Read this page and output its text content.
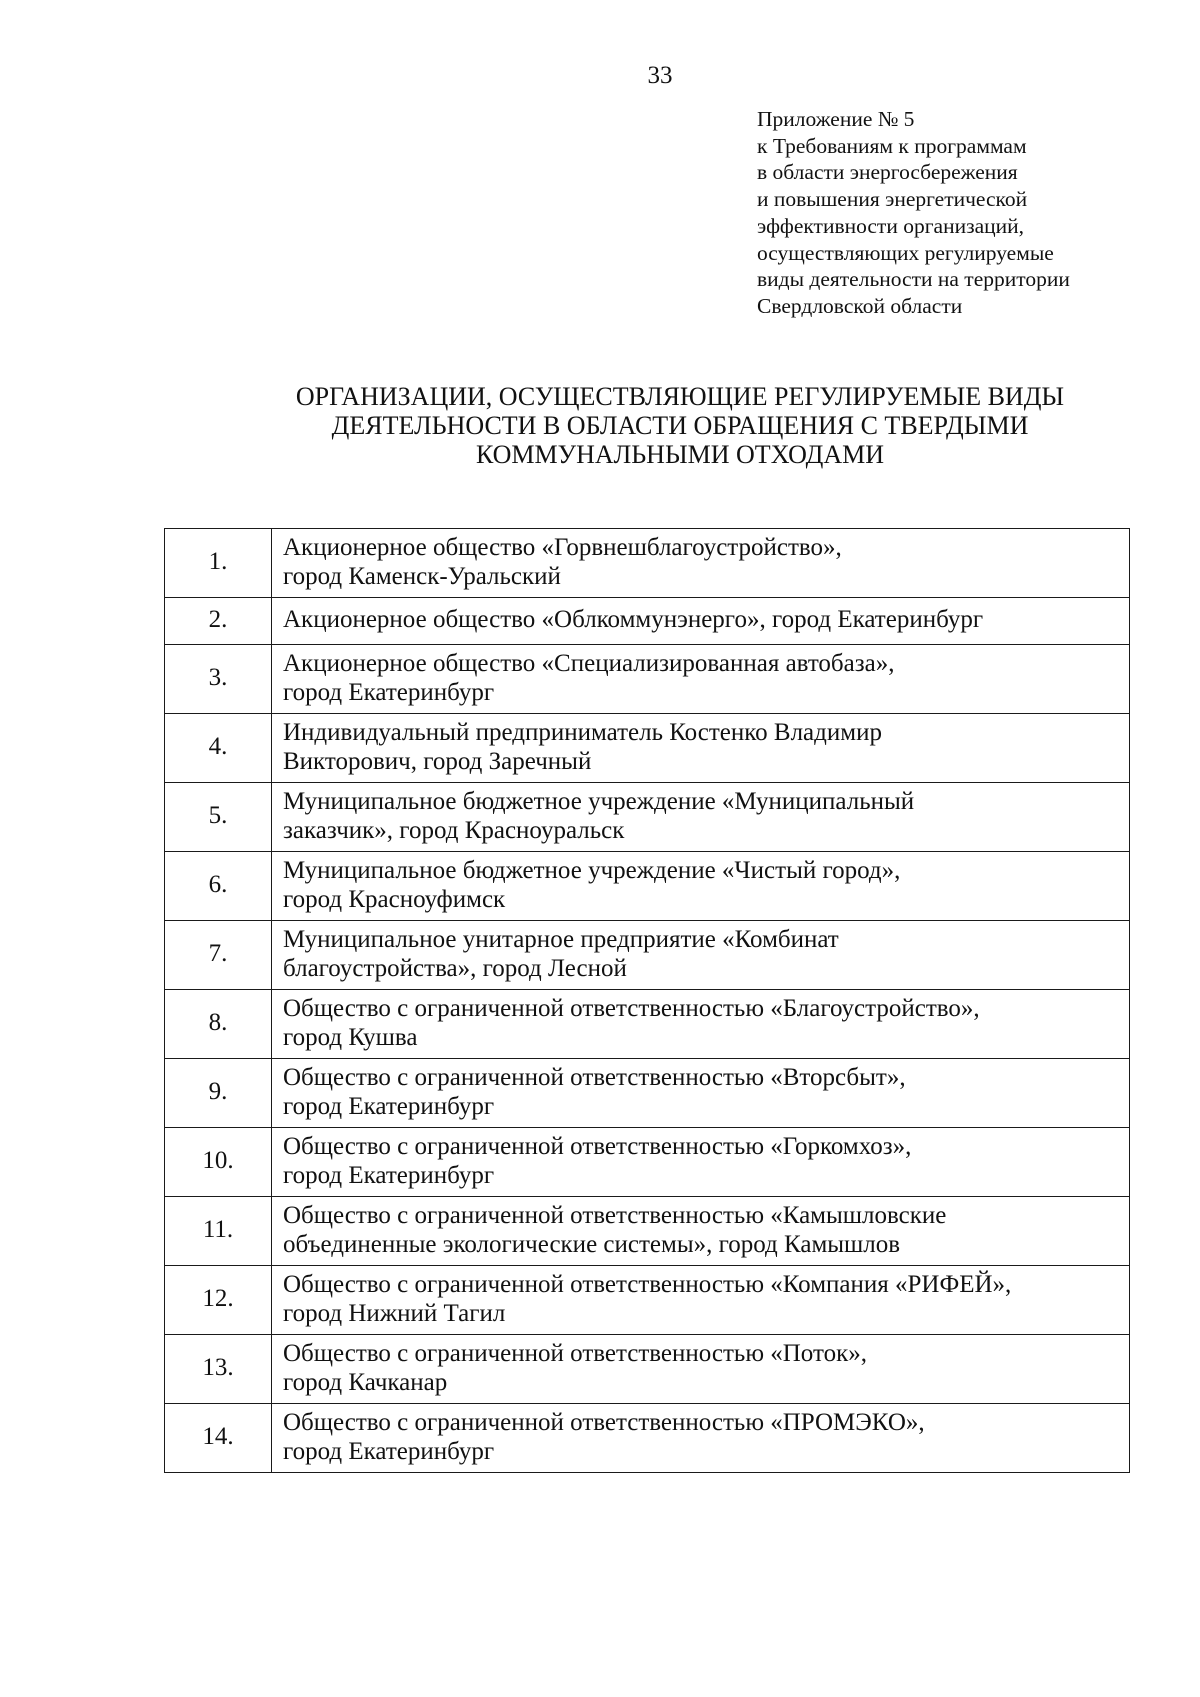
33
Приложение № 5
к Требованиям к программам
в области энергосбережения
и повышения энергетической
эффективности организаций,
осуществляющих регулируемые
виды деятельности на территории
Свердловской области
ОРГАНИЗАЦИИ, ОСУЩЕСТВЛЯЮЩИЕ РЕГУЛИРУЕМЫЕ ВИДЫ
ДЕЯТЕЛЬНОСТИ В ОБЛАСТИ ОБРАЩЕНИЯ С ТВЕРДЫМИ
КОММУНАЛЬНЫМИ ОТХОДАМИ
1.	Акционерное общество «Горвнешблагоустройство»,
город Каменск-Уральский

2.	Акционерное общество «Облкоммунэнерго», город Екатеринбург

3.	Акционерное общество «Специализированная автобаза»,
город Екатеринбург

4.	Индивидуальный предприниматель Костенко Владимир
Викторович, город Заречный

5.	Муниципальное бюджетное учреждение «Муниципальный
заказчик», город Красноуральск

6.	Муниципальное бюджетное учреждение «Чистый город»,
город Красноуфимск

7.	Муниципальное унитарное предприятие «Комбинат
благоустройства», город Лесной

8.	Общество с ограниченной ответственностью «Благоустройство»,
город Кушва

9.	Общество с ограниченной ответственностью «Вторсбыт»,
город Екатеринбург

10.	Общество с ограниченной ответственностью «Горкомхоз»,
город Екатеринбург

11.	Общество с ограниченной ответственностью «Камышловские
объединенные экологические системы», город Камышлов

12.	Общество с ограниченной ответственностью «Компания «РИФЕЙ»,
город Нижний Тагил

13.	Общество с ограниченной ответственностью «Поток»,
город Качканар

14.	Общество с ограниченной ответственностью «ПРОМЭКО»,
город Екатеринбург
